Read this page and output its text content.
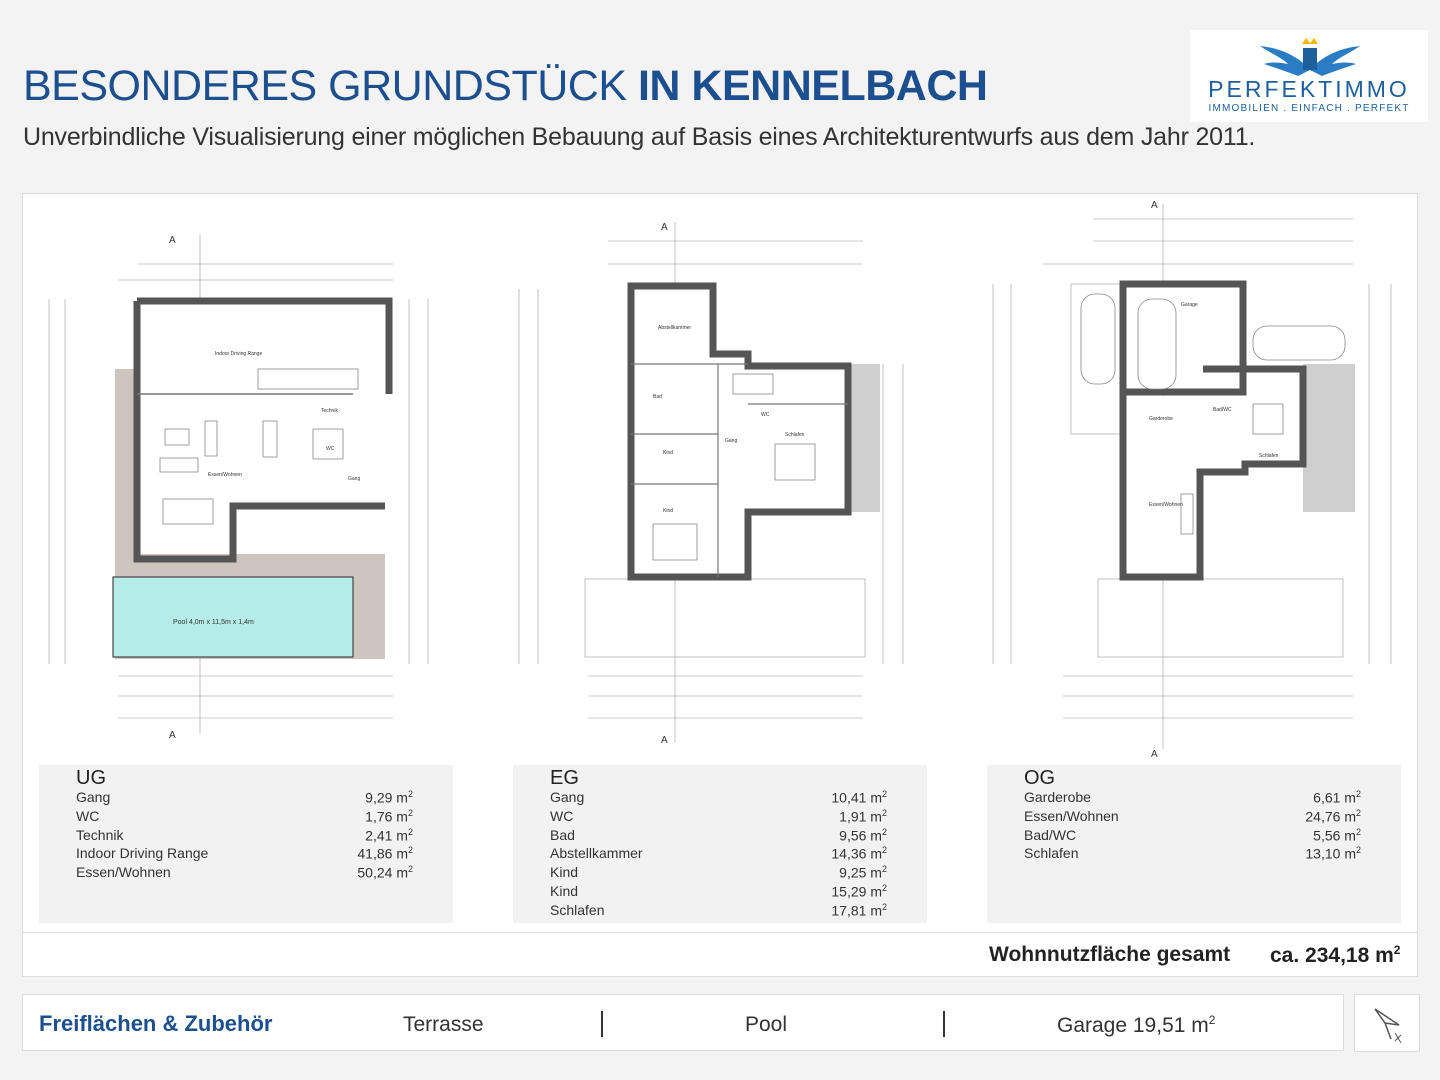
BESONDERES GRUNDSTÜCK IN KENNELBACH
Unverbindliche Visualisierung einer möglichen Bebauung auf Basis eines Architekturentwurfs aus dem Jahr 2011.
PERFEKTIMMO
IMMOBILIEN . EINFACH . PERFEKT
Pool 4,0m x 11,5m x 1,4m
Indoor Driving Range
Essen/Wohnen
Technik
WC
Gang
A
A
Abstellkammer
Bad
Kind
Kind
Gang
WC
Schlafen
A
A
Garage
Garderobe
Bad/WC
Schlafen
Essen/Wohnen
A
A
UG
Gang	9,29 $m^2$
WC	1,76 $m^2$
Technik	2,41 $m^2$
Indoor Driving Range	41,86 $m^2$
Essen/Wohnen	50,24 $m^2$
EG
Gang	10,41 $m^2$
WC	1,91 $m^2$
Bad	9,56 $m^2$
Abstellkammer	14,36 $m^2$
Kind	9,25 $m^2$
Kind	15,29 $m^2$
Schlafen	17,81 $m^2$
OG
Garderobe	6,61 $m^2$
Essen/Wohnen	24,76 $m^2$
Bad/WC	5,56 $m^2$
Schlafen	13,10 $m^2$
Wohnnutzfläche gesamt ca. 234,18 $m^2$
Freiflächen & Zubehör	Terrasse	Pool	Garage 19,51 $m^2$
